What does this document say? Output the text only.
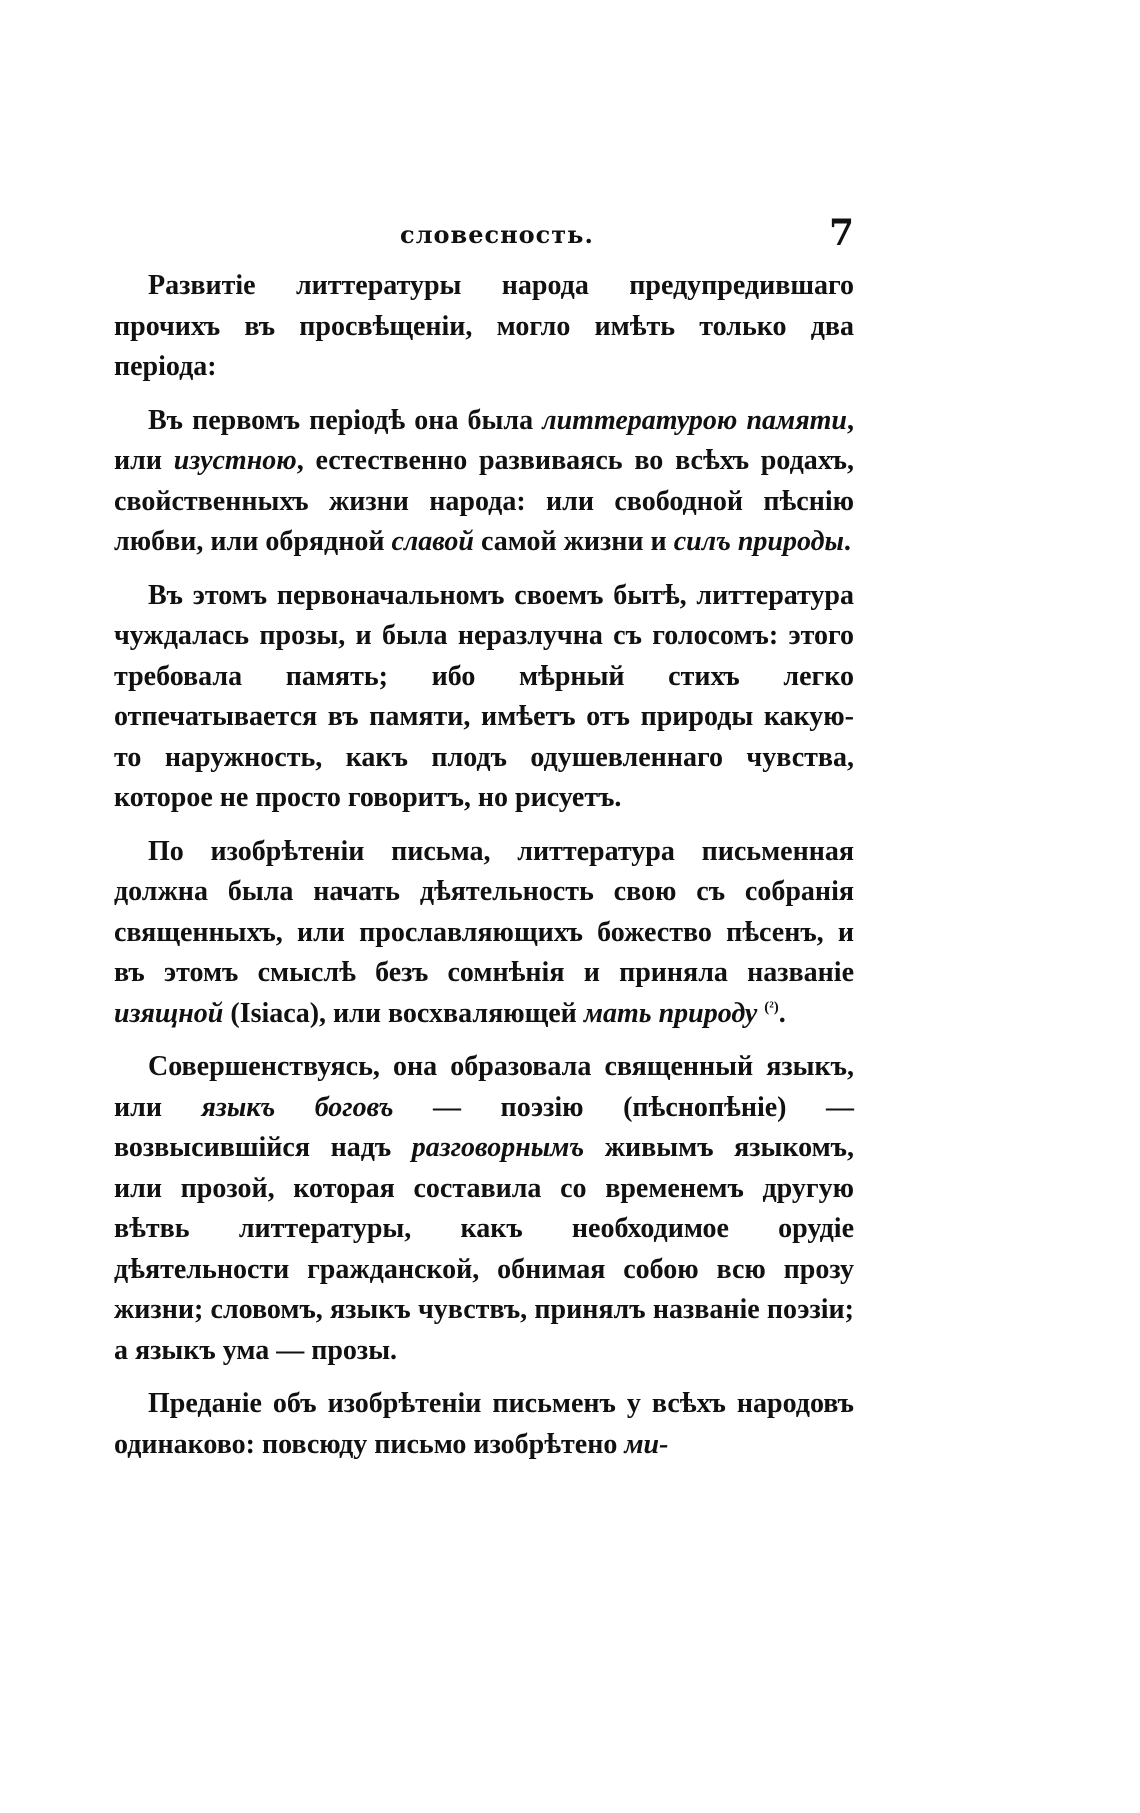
словесность.	7

Развитіе литтературы народа предупредившаго прочихъ въ просвѣщеніи, могло имѣть только два періода:

Въ первомъ періодѣ она была литтературою памяти, или изустною, естественно развиваясь во всѣхъ родахъ, свойственныхъ жизни народа: или свободной пѣснію любви, или обрядной славой самой жизни и силъ природы.

Въ этомъ первоначальномъ своемъ бытѣ, литтература чуждалась прозы, и была неразлучна съ голосомъ: этого требовала память; ибо мѣрный стихъ легко отпечатывается въ памяти, имѣетъ отъ природы какую-то наружность, какъ плодъ одушевленнаго чувства, которое не просто говоритъ, но рисуетъ.

По изобрѣтеніи письма, литтература письменная должна была начать дѣятельность свою съ собранія священныхъ, или прославляющихъ божество пѣсенъ, и въ этомъ смыслѣ безъ сомнѣнія и приняла названіе изящной (Isiaca), или восхваляющей мать природу $^{(^2)}$.

Совершенствуясь, она образовала священный языкъ, или языкъ боговъ — поэзію (пѣснопѣніе) — возвысившійся надъ разговорнымъ живымъ языкомъ, или прозой, которая составила со временемъ другую вѣтвь литтературы, какъ необходимое орудіе дѣятельности гражданской, обнимая собою всю прозу жизни; словомъ, языкъ чувствъ, принялъ названіе поэзіи; а языкъ ума — прозы.

Преданіе объ изобрѣтеніи письменъ у всѣхъ народовъ одинаково: повсюду письмо изобрѣтено ми-
